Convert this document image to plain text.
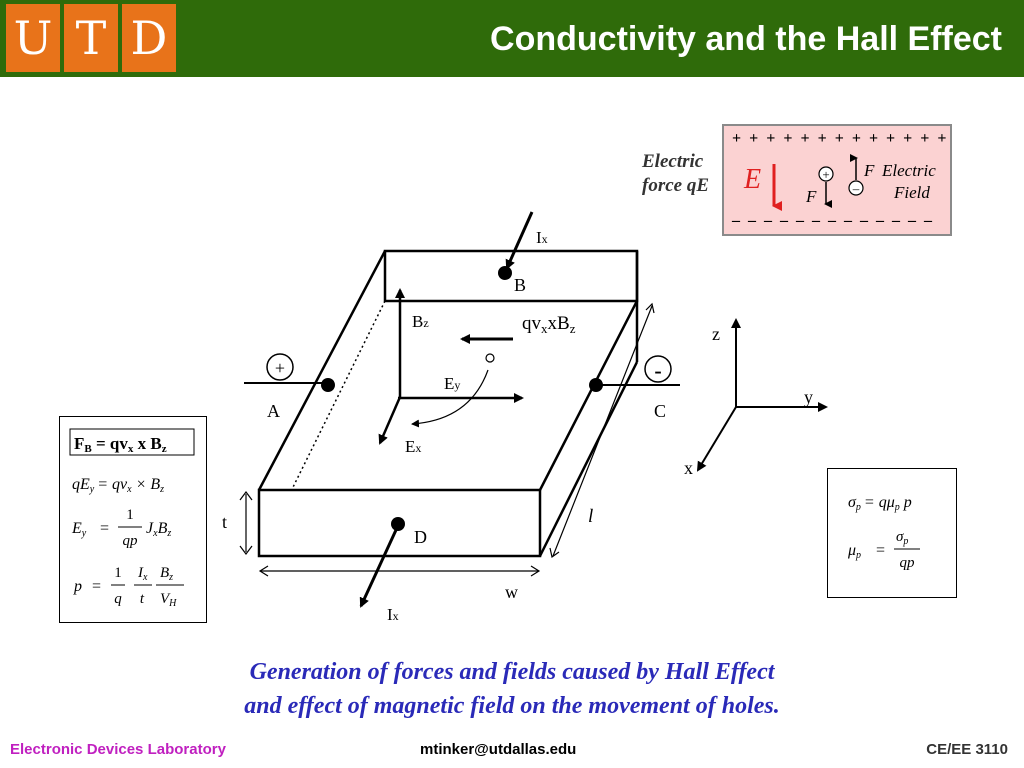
U T D	Conductivity and the Hall Effect
Ix
B
Bz	$qv_xxB_z$
+
A
-
C
Ey
Ex
D
Ix
t
w
l
z
y
x
Electric
force qE
+ + + + + + + + + + + + +
– – – – – – – – – – – – –
E	+
F	–
F Electric
Field
FB = qvx x Bz
qEy = qvx × Bz
Ey =
1
qp
JxBz
p =
1
q
$I_x$
t
$B_z$
$V_H$
σp = qμp p
μp =
$\sigma_p$
qp
Generation of forces and fields caused by Hall Effect
and effect of magnetic field on the movement of holes.
Electronic Devices Laboratory	mtinker@utdallas.edu	CE/EE 3110
